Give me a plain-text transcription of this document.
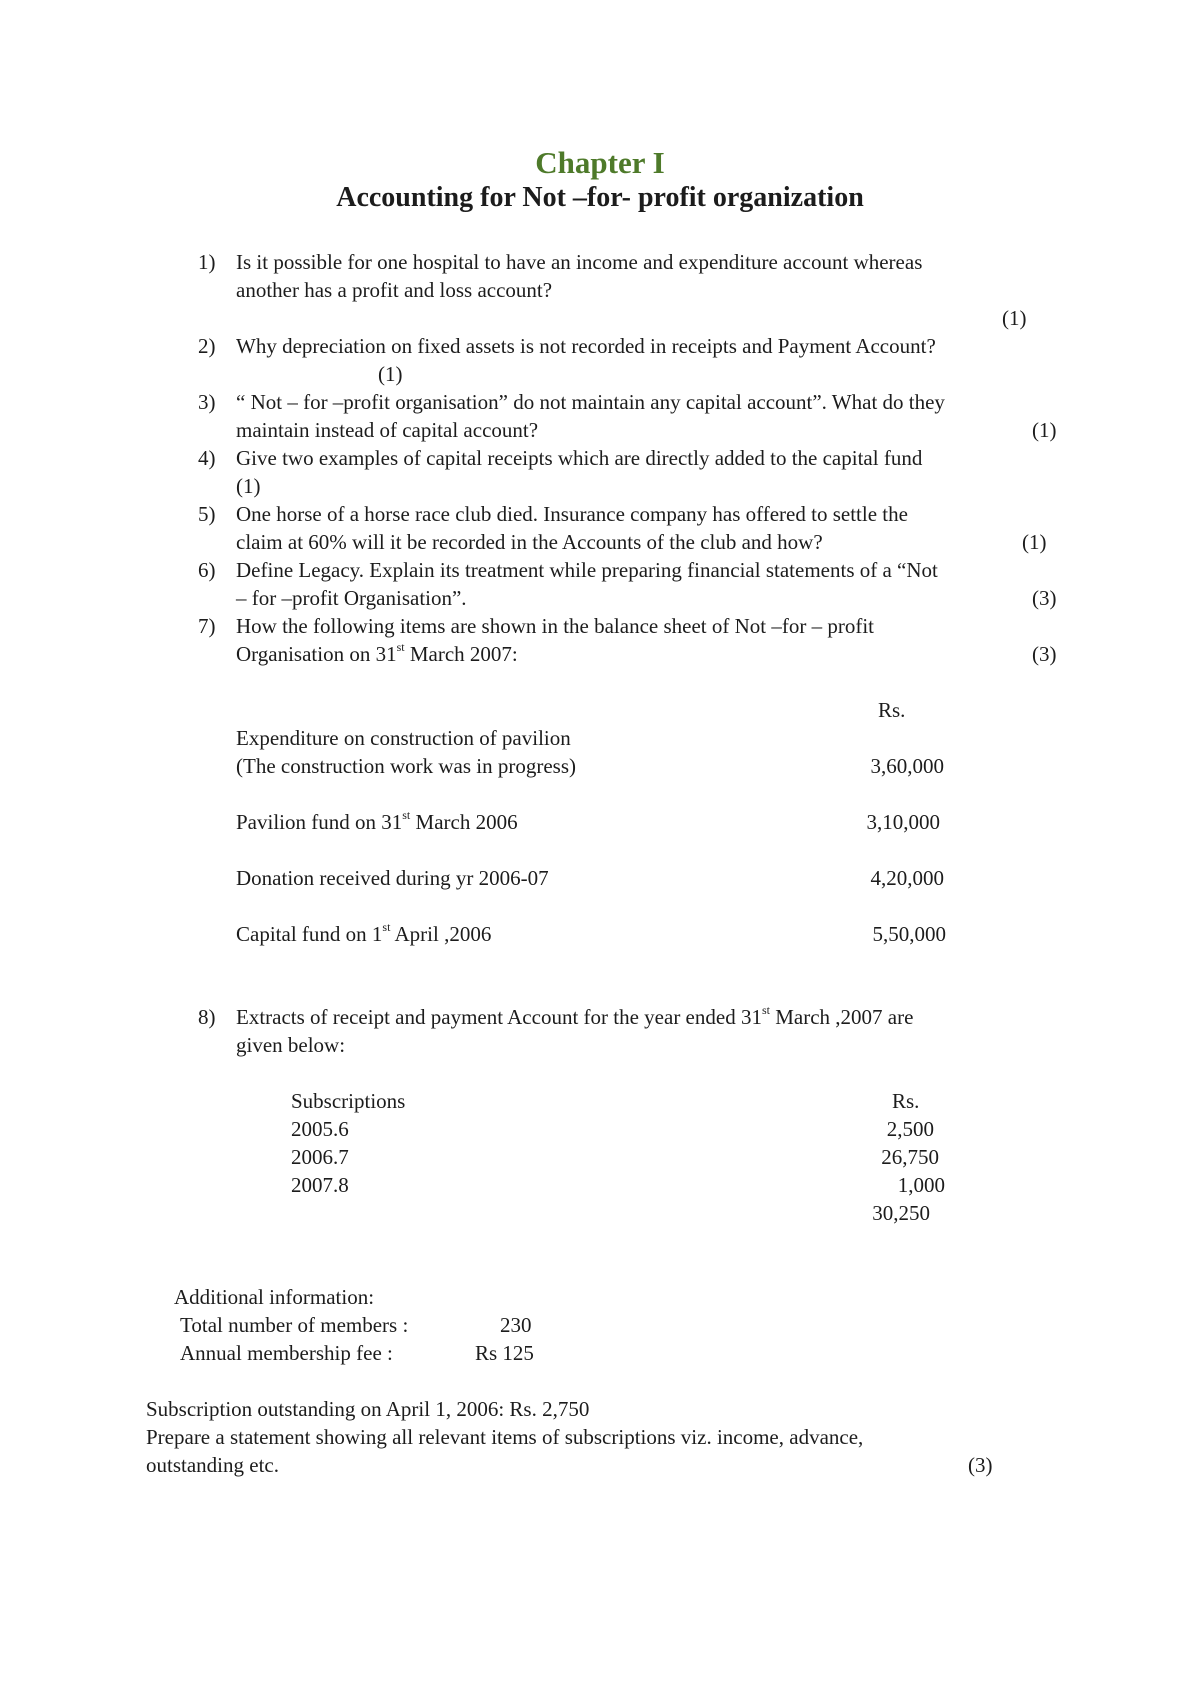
Chapter I
Accounting for Not –for- profit organization
1) Is it possible for one hospital to have an income and expenditure account whereas
another has a profit and loss account?
(1)
2) Why depreciation on fixed assets is not recorded in receipts and Payment Account?
(1)
3) “ Not – for –profit organisation” do not maintain any capital account”. What do they
maintain instead of capital account?	(1)
4) Give two examples of capital receipts which are directly added to the capital fund
(1)
5) One horse of a horse race club died. Insurance company has offered to settle the
claim at 60% will it be recorded in the Accounts of the club and how?	(1)
6) Define Legacy. Explain its treatment while preparing financial statements of a “Not
– for –profit Organisation”.	(3)
7) How the following items are shown in the balance sheet of Not –for – profit
Organisation on 31st March 2007:	(3)
Rs.
Expenditure on construction of pavilion
(The construction work was in progress)	3,60,000
Pavilion fund on 31st March 2006	3,10,000
Donation received during yr 2006-07	4,20,000
Capital fund on 1st April ,2006	5,50,000
8) Extracts of receipt and payment Account for the year ended 31st March ,2007 are
given below:
Subscriptions	Rs.
2005.6	2,500
2006.7	26,750
2007.8	1,000
30,250
Additional information:
Total number of members :	230
Annual membership fee :	Rs 125
Subscription outstanding on April 1, 2006: Rs. 2,750
Prepare a statement showing all relevant items of subscriptions viz. income, advance,
outstanding etc.	(3)
